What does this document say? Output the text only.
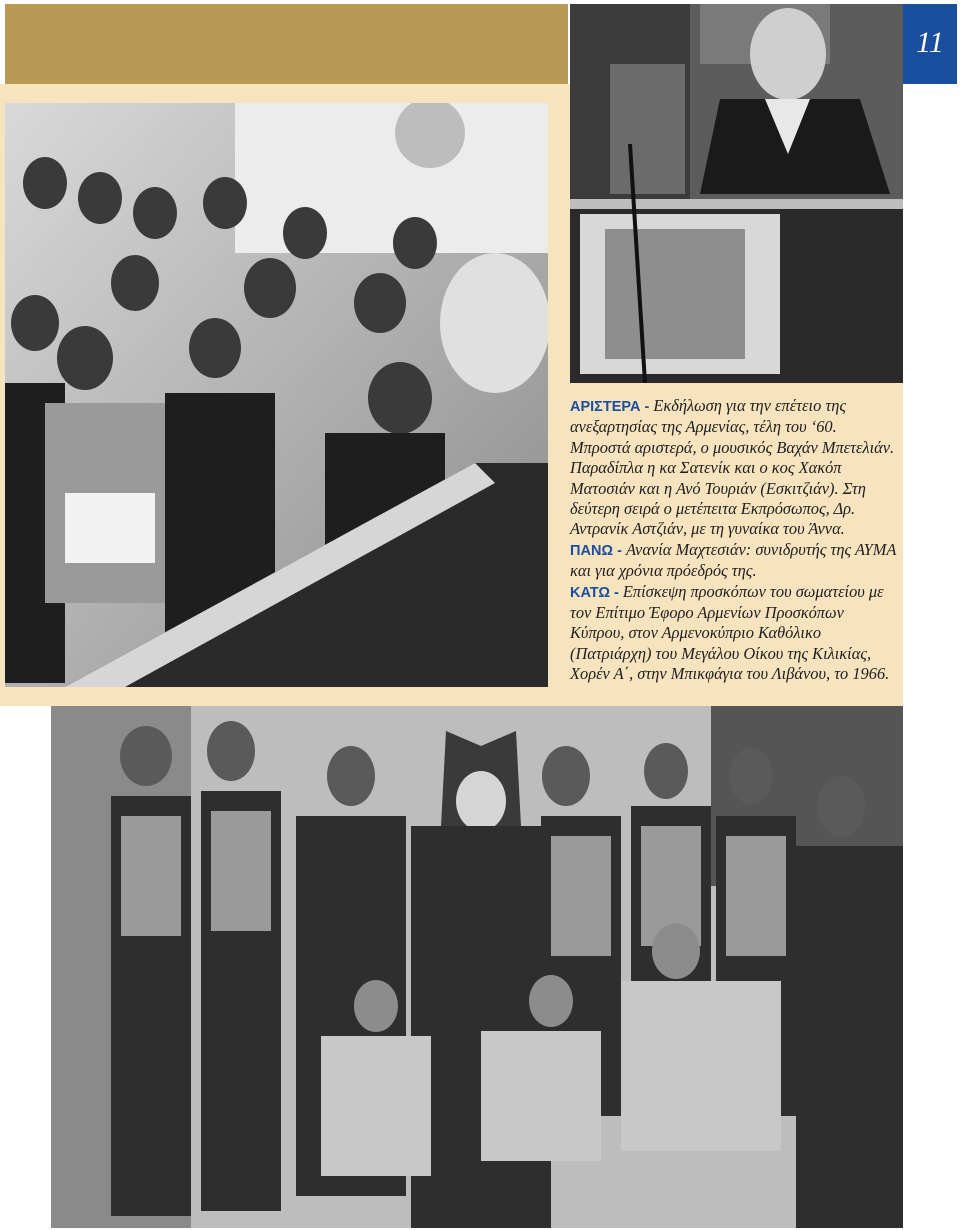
11

ΑΡΙΣΤΕΡΑ - Εκδήλωση για την επέτειο της ανεξαρτησίας της Αρμενίας, τέλη του ‘60. Μπροστά αριστερά, ο μουσικός Βαχάν Μπετελιάν. Παραδίπλα η κα Σατενίκ και ο κος Χακόπ Ματοσιάν και η Ανό Τουριάν (Εσκιτζιάν). Στη δεύτερη σειρά ο μετέπειτα Εκπρόσωπος, Δρ. Αντρανίκ Αστζιάν, με τη γυναίκα του Άννα.

ΠΑΝΩ - Ανανία Μαχτεσιάν: συνιδρυτής της ΑΥΜΑ και για χρόνια πρόεδρός της.

ΚΑΤΩ - Επίσκεψη προσκόπων του σωματείου με τον Επίτιμο Έφορο Αρμενίων Προσκόπων Κύπρου, στον Αρμενοκύπριο Καθόλικο (Πατριάρχη) του Μεγάλου Οίκου της Κιλικίας, Χορέν Α΄, στην Μπικφάγια του Λιβάνου, το 1966.
